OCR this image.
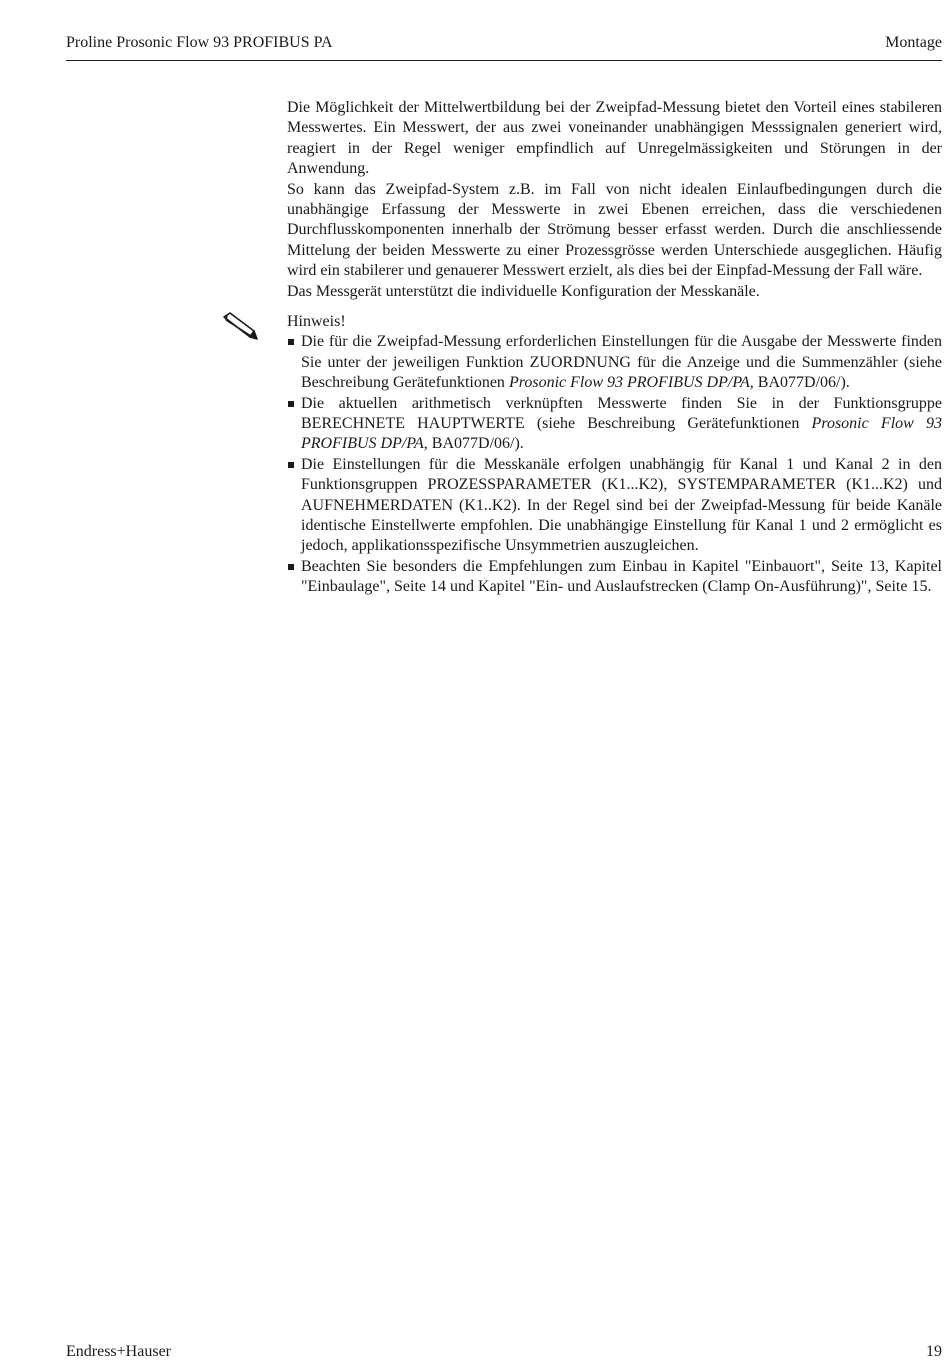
Proline Prosonic Flow 93 PROFIBUS PA	Montage

Die Möglichkeit der Mittelwertbildung bei der Zweipfad-Messung bietet den Vorteil eines stabileren Messwertes. Ein Messwert, der aus zwei voneinander unabhängigen Messsignalen generiert wird, reagiert in der Regel weniger empfindlich auf Unregelmässigkeiten und Störungen in der Anwendung.

So kann das Zweipfad-System z.B. im Fall von nicht idealen Einlaufbedingungen durch die unabhängige Erfassung der Messwerte in zwei Ebenen erreichen, dass die verschiedenen Durchflusskomponenten innerhalb der Strömung besser erfasst werden. Durch die anschliessende Mittelung der beiden Messwerte zu einer Prozessgrösse werden Unterschiede ausgeglichen. Häufig wird ein stabilerer und genauerer Messwert erzielt, als dies bei der Einpfad-Messung der Fall wäre.

Das Messgerät unterstützt die individuelle Konfiguration der Messkanäle.

Hinweis!

Die für die Zweipfad-Messung erforderlichen Einstellungen für die Ausgabe der Messwerte finden Sie unter der jeweiligen Funktion ZUORDNUNG für die Anzeige und die Summenzähler (siehe Beschreibung Gerätefunktionen Prosonic Flow 93 PROFIBUS DP/PA, BA077D/06/).
Die aktuellen arithmetisch verknüpften Messwerte finden Sie in der Funktionsgruppe BERECHNETE HAUPTWERTE (siehe Beschreibung Gerätefunktionen Prosonic Flow 93 PROFIBUS DP/PA, BA077D/06/).
Die Einstellungen für die Messkanäle erfolgen unabhängig für Kanal 1 und Kanal 2 in den Funktionsgruppen PROZESSPARAMETER (K1...K2), SYSTEMPARAMETER (K1...K2) und AUFNEHMERDATEN (K1..K2). In der Regel sind bei der Zweipfad-Messung für beide Kanäle identische Einstellwerte empfohlen. Die unabhängige Einstellung für Kanal 1 und 2 ermöglicht es jedoch, applikationsspezifische Unsymmetrien auszugleichen.
Beachten Sie besonders die Empfehlungen zum Einbau in Kapitel "Einbauort", Seite 13, Kapitel "Einbaulage", Seite 14 und Kapitel "Ein- und Auslaufstrecken (Clamp On-Ausführung)", Seite 15.
Endress+Hauser	19
